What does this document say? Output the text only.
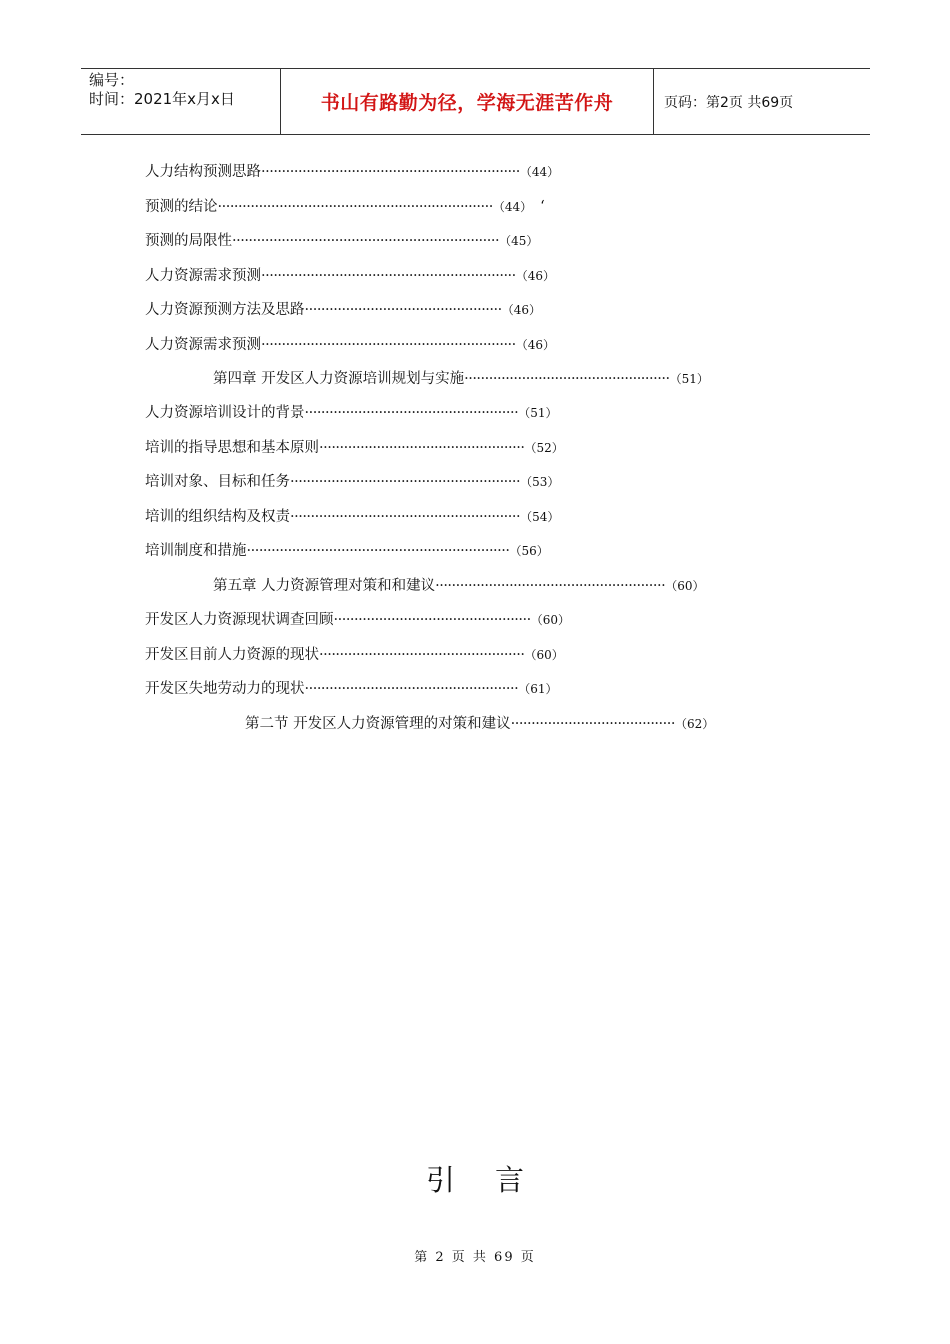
编号：
时间：2021年x月x日	书山有路勤为径，学海无涯苦作舟	页码：第2页 共69页
人力结构预测思路······························································· （44）
预测的结论··································································· （44） ‘
预测的局限性································································· （45）
人力资源需求预测······························································ （46）
人力资源预测方法及思路················································ （46）
人力资源需求预测······························································ （46）
第四章 开发区人力资源培训规划与实施·················································· （51）
人力资源培训设计的背景···················································· （51）
培训的指导思想和基本原则·················································· （52）
培训对象、目标和任务························································ （53）
培训的组织结构及权责························································ （54）
培训制度和措施································································ （56）
第五章 人力资源管理对策和和建议························································ （60）
开发区人力资源现状调查回顾················································ （60）
开发区目前人力资源的现状·················································· （60）
开发区失地劳动力的现状···················································· （61）
第二节 开发区人力资源管理的对策和建议········································ （62）
引言
第 2 页 共 69 页
